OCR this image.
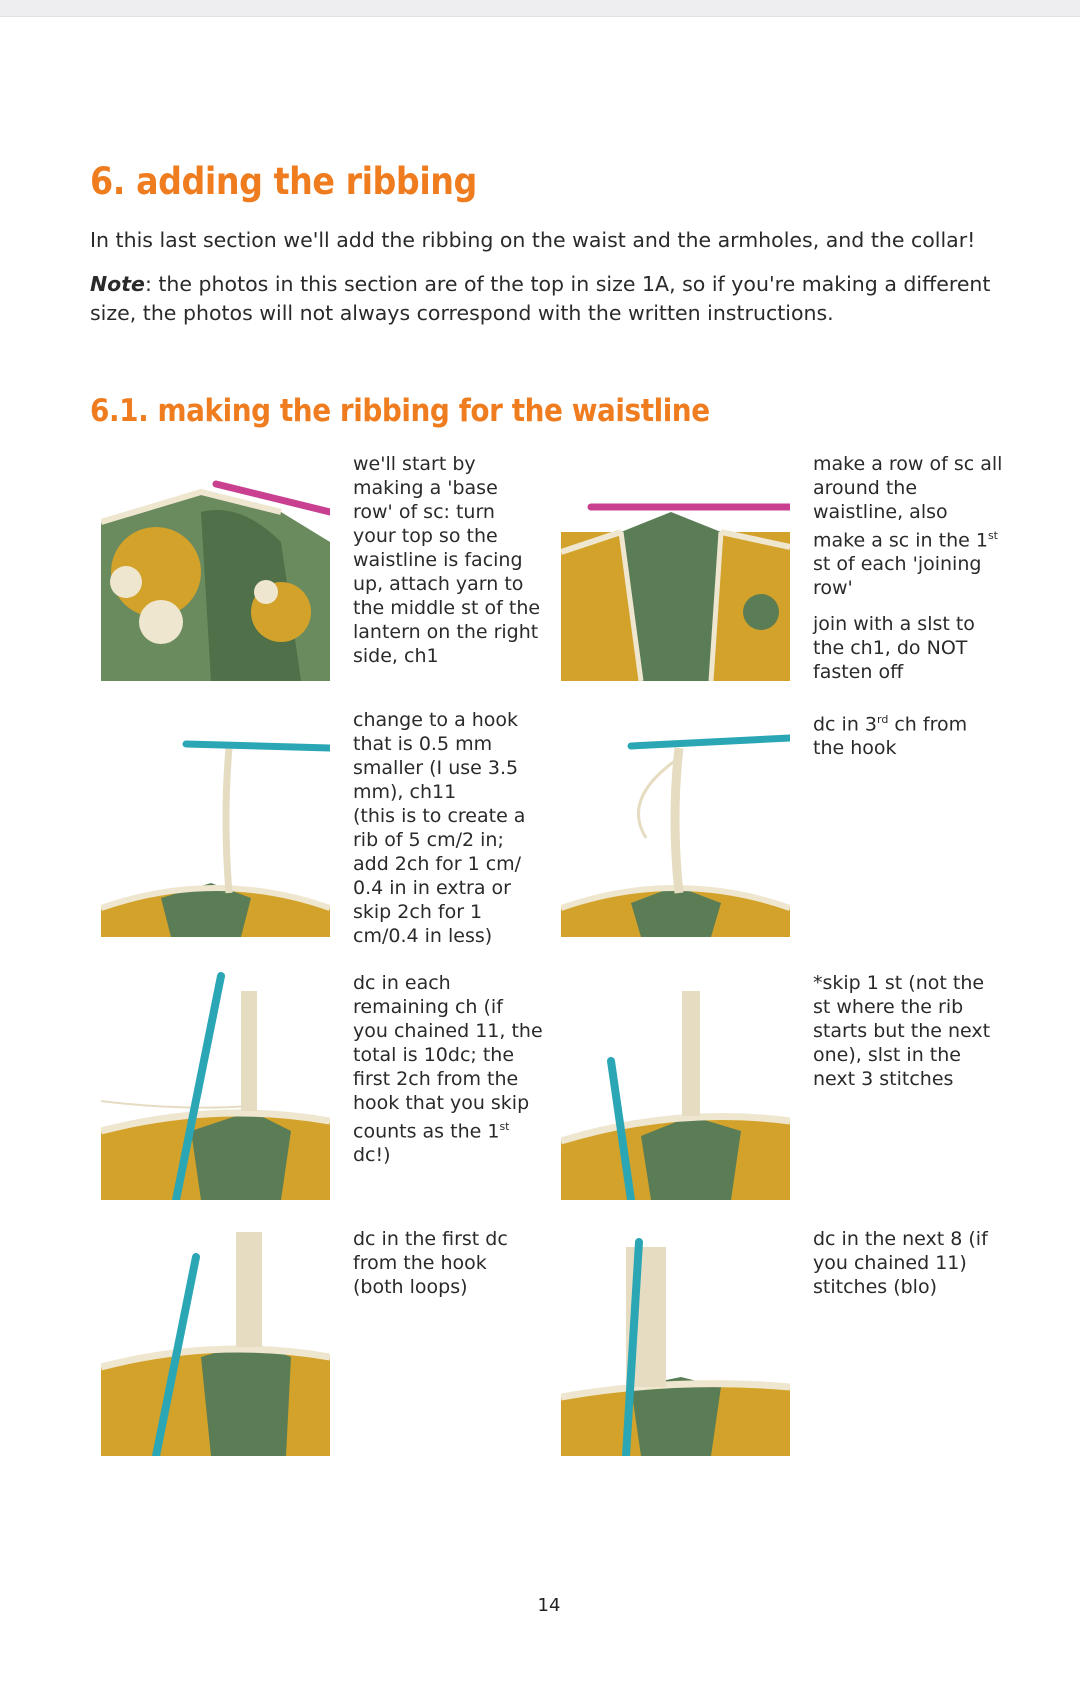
6. adding the ribbing

In this last section we'll add the ribbing on the waist and the armholes, and the collar!

Note: the photos in this section are of the top in size 1A, so if you're making a different size, the photos will not always correspond with the written instructions.

6.1. making the ribbing for the waistline

we'll start by making a 'base row' of sc: turn your top so the waistline is facing up, attach yarn to the middle st of the lantern on the right side, ch1

make a row of sc all around the waistline, also make a sc in the 1st st of each 'joining row'

join with a slst to the ch1, do NOT fasten off

change to a hook that is 0.5 mm smaller (I use 3.5 mm), ch11

(this is to create a rib of 5 cm/2 in; add 2ch for 1 cm/ 0.4 in in extra or skip 2ch for 1 cm/0.4 in less)

dc in 3rd ch from the hook

dc in each remaining ch (if you chained 11, the total is 10dc; the first 2ch from the hook that you skip counts as the 1st dc!)

*skip 1 st (not the st where the rib starts but the next one), slst in the next 3 stitches

dc in the first dc from the hook (both loops)

dc in the next 8 (if you chained 11) stitches (blo)

14
